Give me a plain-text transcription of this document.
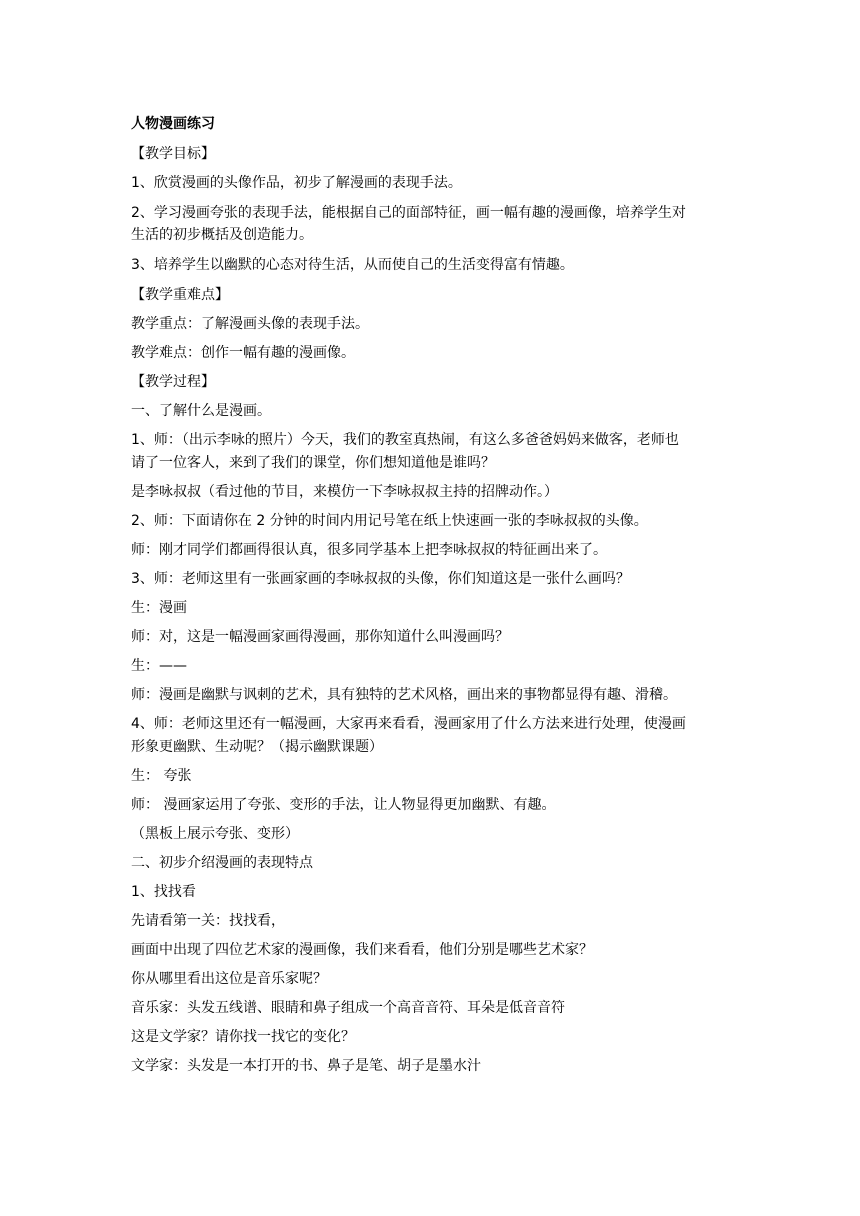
人物漫画练习
【教学目标】
1、欣赏漫画的头像作品，初步了解漫画的表现手法。
2、学习漫画夸张的表现手法，能根据自己的面部特征，画一幅有趣的漫画像，培养学生对
生活的初步概括及创造能力。
3、培养学生以幽默的心态对待生活，从而使自己的生活变得富有情趣。
【教学重难点】
教学重点：了解漫画头像的表现手法。
教学难点：创作一幅有趣的漫画像。
【教学过程】
一、了解什么是漫画。
1、师：（出示李咏的照片）今天，我们的教室真热闹，有这么多爸爸妈妈来做客，老师也
请了一位客人，来到了我们的课堂，你们想知道他是谁吗？
是李咏叔叔（看过他的节目，来模仿一下李咏叔叔主持的招牌动作。）
2、师：下面请你在 2 分钟的时间内用记号笔在纸上快速画一张的李咏叔叔的头像。
师：刚才同学们都画得很认真，很多同学基本上把李咏叔叔的特征画出来了。
3、师：老师这里有一张画家画的李咏叔叔的头像，你们知道这是一张什么画吗？
生：漫画
师：对，这是一幅漫画家画得漫画，那你知道什么叫漫画吗？
生：——
师：漫画是幽默与讽刺的艺术，具有独特的艺术风格，画出来的事物都显得有趣、滑稽。
4、师：老师这里还有一幅漫画，大家再来看看，漫画家用了什么方法来进行处理，使漫画
形象更幽默、生动呢？（揭示幽默课题）
生： 夸张
师： 漫画家运用了夸张、变形的手法，让人物显得更加幽默、有趣。
（黑板上展示夸张、变形）
二、初步介绍漫画的表现特点
1、找找看
先请看第一关：找找看，
画面中出现了四位艺术家的漫画像，我们来看看，他们分别是哪些艺术家？
你从哪里看出这位是音乐家呢？
音乐家：头发五线谱、眼睛和鼻子组成一个高音音符、耳朵是低音音符
这是文学家？请你找一找它的变化？
文学家：头发是一本打开的书、鼻子是笔、胡子是墨水汁
